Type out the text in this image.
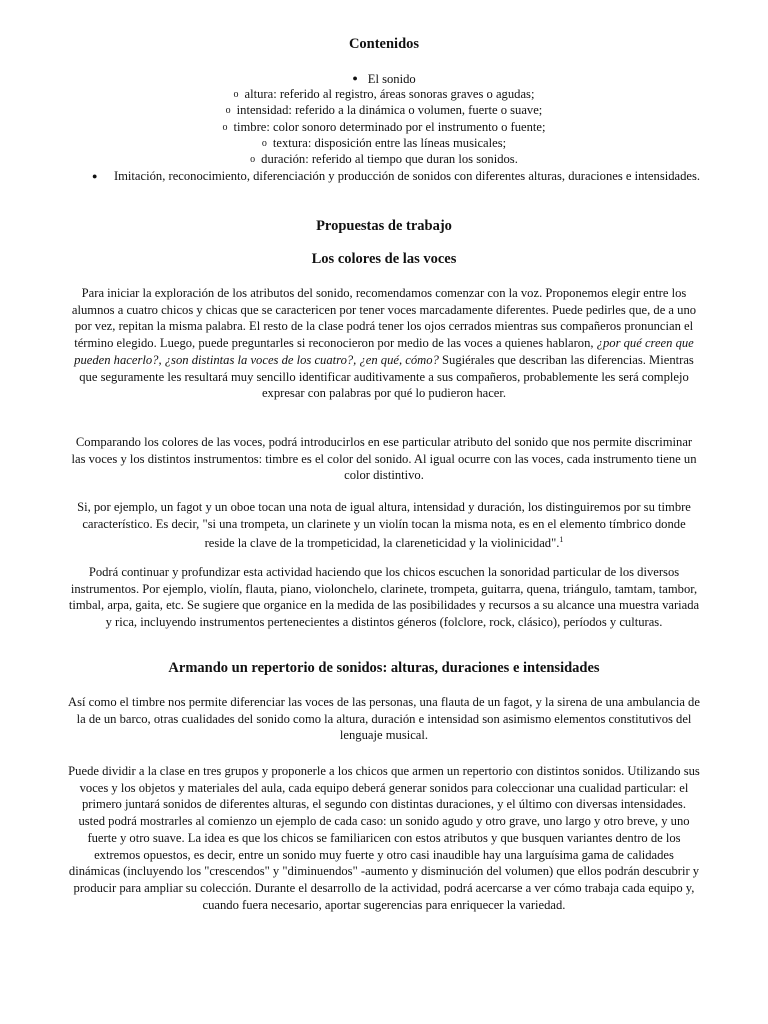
Contenidos
● El sonido
o altura: referido al registro, áreas sonoras graves o agudas;
o intensidad: referido a la dinámica o volumen, fuerte o suave;
o timbre: color sonoro determinado por el instrumento o fuente;
o textura: disposición entre las líneas musicales;
o duración: referido al tiempo que duran los sonidos.
●	Imitación, reconocimiento, diferenciación y producción de sonidos con diferentes alturas, duraciones e intensidades.
Propuestas de trabajo
Los colores de las voces

Para iniciar la exploración de los atributos del sonido, recomendamos comenzar con la voz. Proponemos elegir entre los alumnos a cuatro chicos y chicas que se caractericen por tener voces marcadamente diferentes. Puede pedirles que, de a uno por vez, repitan la misma palabra. El resto de la clase podrá tener los ojos cerrados mientras sus compañeros pronuncian el término elegido. Luego, puede preguntarles si reconocieron por medio de las voces a quienes hablaron, ¿por qué creen que pueden hacerlo?, ¿son distintas la voces de los cuatro?, ¿en qué, cómo? Sugiérales que describan las diferencias. Mientras que seguramente les resultará muy sencillo identificar auditivamente a sus compañeros, probablemente les será complejo expresar con palabras por qué lo pudieron hacer.

Comparando los colores de las voces, podrá introducirlos en ese particular atributo del sonido que nos permite discriminar las voces y los distintos instrumentos: timbre es el color del sonido. Al igual ocurre con las voces, cada instrumento tiene un color distintivo.

Si, por ejemplo, un fagot y un oboe tocan una nota de igual altura, intensidad y duración, los distinguiremos por su timbre característico. Es decir, "si una trompeta, un clarinete y un violín tocan la misma nota, es en el elemento tímbrico donde reside la clave de la trompeticidad, la clareneticidad y la violinicidad".$^1$

Podrá continuar y profundizar esta actividad haciendo que los chicos escuchen la sonoridad particular de los diversos instrumentos. Por ejemplo, violín, flauta, piano, violonchelo, clarinete, trompeta, guitarra, quena, triángulo, tamtam, tambor, timbal, arpa, gaita, etc. Se sugiere que organice en la medida de las posibilidades y recursos a su alcance una muestra variada y rica, incluyendo instrumentos pertenecientes a distintos géneros (folclore, rock, clásico), períodos y culturas.

Armando un repertorio de sonidos: alturas, duraciones e intensidades

Así como el timbre nos permite diferenciar las voces de las personas, una flauta de un fagot, y la sirena de una ambulancia de la de un barco, otras cualidades del sonido como la altura, duración e intensidad son asimismo elementos constitutivos del lenguaje musical.

Puede dividir a la clase en tres grupos y proponerle a los chicos que armen un repertorio con distintos sonidos. Utilizando sus voces y los objetos y materiales del aula, cada equipo deberá generar sonidos para coleccionar una cualidad particular: el primero juntará sonidos de diferentes alturas, el segundo con distintas duraciones, y el último con diversas intensidades. usted podrá mostrarles al comienzo un ejemplo de cada caso: un sonido agudo y otro grave, uno largo y otro breve, y uno fuerte y otro suave. La idea es que los chicos se familiaricen con estos atributos y que busquen variantes dentro de los extremos opuestos, es decir, entre un sonido muy fuerte y otro casi inaudible hay una larguísima gama de calidades dinámicas (incluyendo los "crescendos" y "diminuendos" -aumento y disminución del volumen) que ellos podrán descubrir y producir para ampliar su colección. Durante el desarrollo de la actividad, podrá acercarse a ver cómo trabaja cada equipo y, cuando fuera necesario, aportar sugerencias para enriquecer la variedad.
